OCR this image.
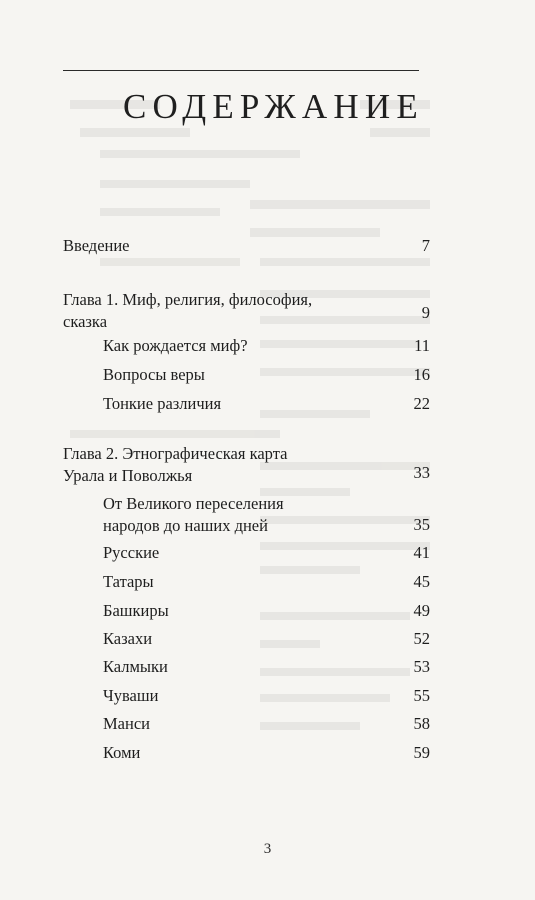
СОДЕРЖАНИЕ
Введение	7
Глава 1. Миф, религия, философия,
сказка	9
Как рождается миф?	11
Вопросы веры	16
Тонкие различия	22
Глава 2. Этнографическая карта
Урала и Поволжья	33
От Великого переселения
народов до наших дней	35
Русские	41
Татары	45
Башкиры	49
Казахи	52
Калмыки	53
Чуваши	55
Манси	58
Коми	59
3
